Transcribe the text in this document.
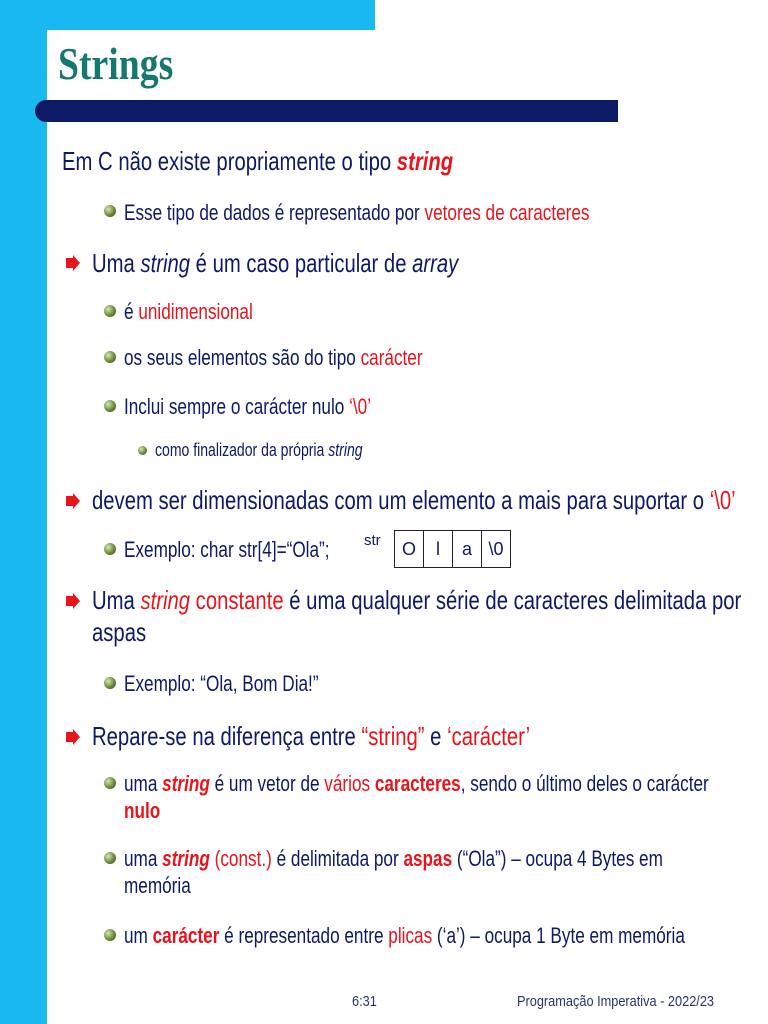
Strings
Em C não existe propriamente o tipo string
Esse tipo de dados é representado por vetores de caracteres
Uma string é um caso particular de array
é unidimensional
os seus elementos são do tipo carácter
Inclui sempre o carácter nulo ‘\0’
como finalizador da própria string
devem ser dimensionadas com um elemento a mais para suportar o ‘\0’
Exemplo: char str[4]=“Ola”; str O	l	a	\0
Uma string constante é uma qualquer série de caracteres delimitada por
aspas
Exemplo: “Ola, Bom Dia!”
Repare-se na diferença entre “string” e ‘carácter’
uma string é um vetor de vários caracteres, sendo o último deles o carácter
nulo
uma string (const.) é delimitada por aspas (“Ola”) – ocupa 4 Bytes em
memória
um carácter é representado entre plicas (‘a’) – ocupa 1 Byte em memória
1	6:31	Programação Imperativa - 2022/23
